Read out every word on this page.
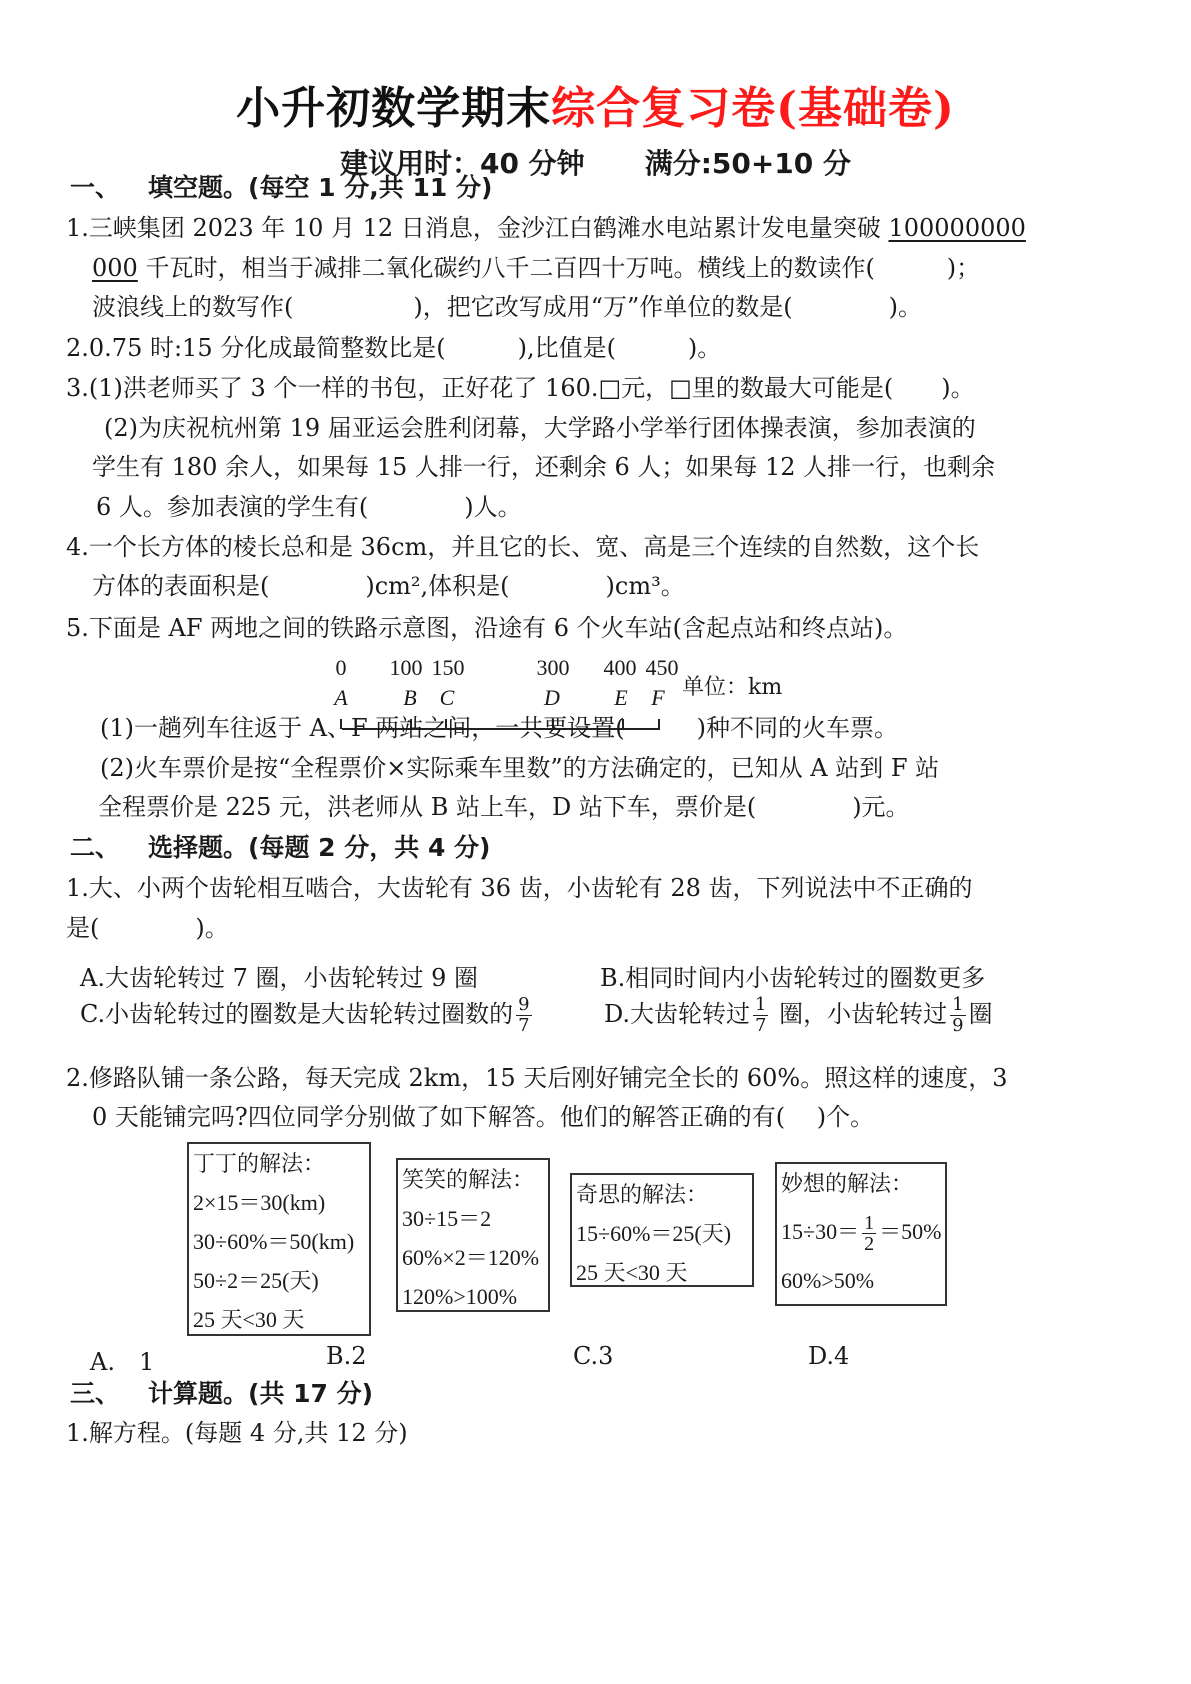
小升初数学期末综合复习卷(基础卷)
建议用时：40 分钟 满分:50+10 分
一、 填空题。(每空 1 分,共 11 分)
1.三峡集团 2023 年 10 月 12 日消息，金沙江白鹤滩水电站累计发电量突破 100000000
000 千瓦时，相当于减排二氧化碳约八千二百四十万吨。横线上的数读作(　　　)；
波浪线上的数写作(　　　　　)，把它改写成用“万”作单位的数是(　　　　)。
2.0.75 时:15 分化成最简整数比是(　　　),比值是(　　　)。
3.(1)洪老师买了 3 个一样的书包，正好花了 160.□元，□里的数最大可能是(　　)。
(2)为庆祝杭州第 19 届亚运会胜利闭幕，大学路小学举行团体操表演，参加表演的
学生有 180 余人，如果每 15 人排一行，还剩余 6 人；如果每 12 人排一行，也剩余
6 人。参加表演的学生有(　　　　)人。
4.一个长方体的棱长总和是 36cm，并且它的长、宽、高是三个连续的自然数，这个长
方体的表面积是(　　　　)cm²,体积是(　　　　)cm³。
5.下面是 AF 两地之间的铁路示意图，沿途有 6 个火车站(含起点站和终点站)。
0 100 150	300 400 450
A	B C	D E F 单位：km
(1)一趟列车往返于 A、F 两站之间，一共要设置(　　　)种不同的火车票。
(2)火车票价是按“全程票价×实际乘车里数”的方法确定的，已知从 A 站到 F 站
全程票价是 225 元，洪老师从 B 站上车，D 站下车，票价是(　　　　)元。
二、 选择题。(每题 2 分，共 4 分)
1.大、小两个齿轮相互啮合，大齿轮有 36 齿，小齿轮有 28 齿，下列说法中不正确的
是(　　　　)。
A.大齿轮转过 7 圈，小齿轮转过 9 圈	B.相同时间内小齿轮转过的圈数更多
C.小齿轮转过的圈数是大齿轮转过圈数的 $\frac{9}{7}$	D.大齿轮转过 $\frac{1}{7}$ 圈，小齿轮转过 $\frac{1}{9}$ 圈
2.修路队铺一条公路，每天完成 2km，15 天后刚好铺完全长的 60%。照这样的速度，3
0 天能铺完吗?四位同学分别做了如下解答。他们的解答正确的有(　 )个。
丁丁的解法：
2×15＝30(km)
30÷60%＝50(km)
50÷2＝25(天)
25 天<30 天
笑笑的解法：
30÷15＝2
60%×2＝120%
120%>100%
奇思的解法：
15÷60%＝25(天)
25 天<30 天
妙想的解法：
$15\div 30= \frac{1}{2} =50\%$
60%>50%
A.　1	B.2	C.3	D.4
三、 计算题。(共 17 分)
1.解方程。(每题 4 分,共 12 分)
